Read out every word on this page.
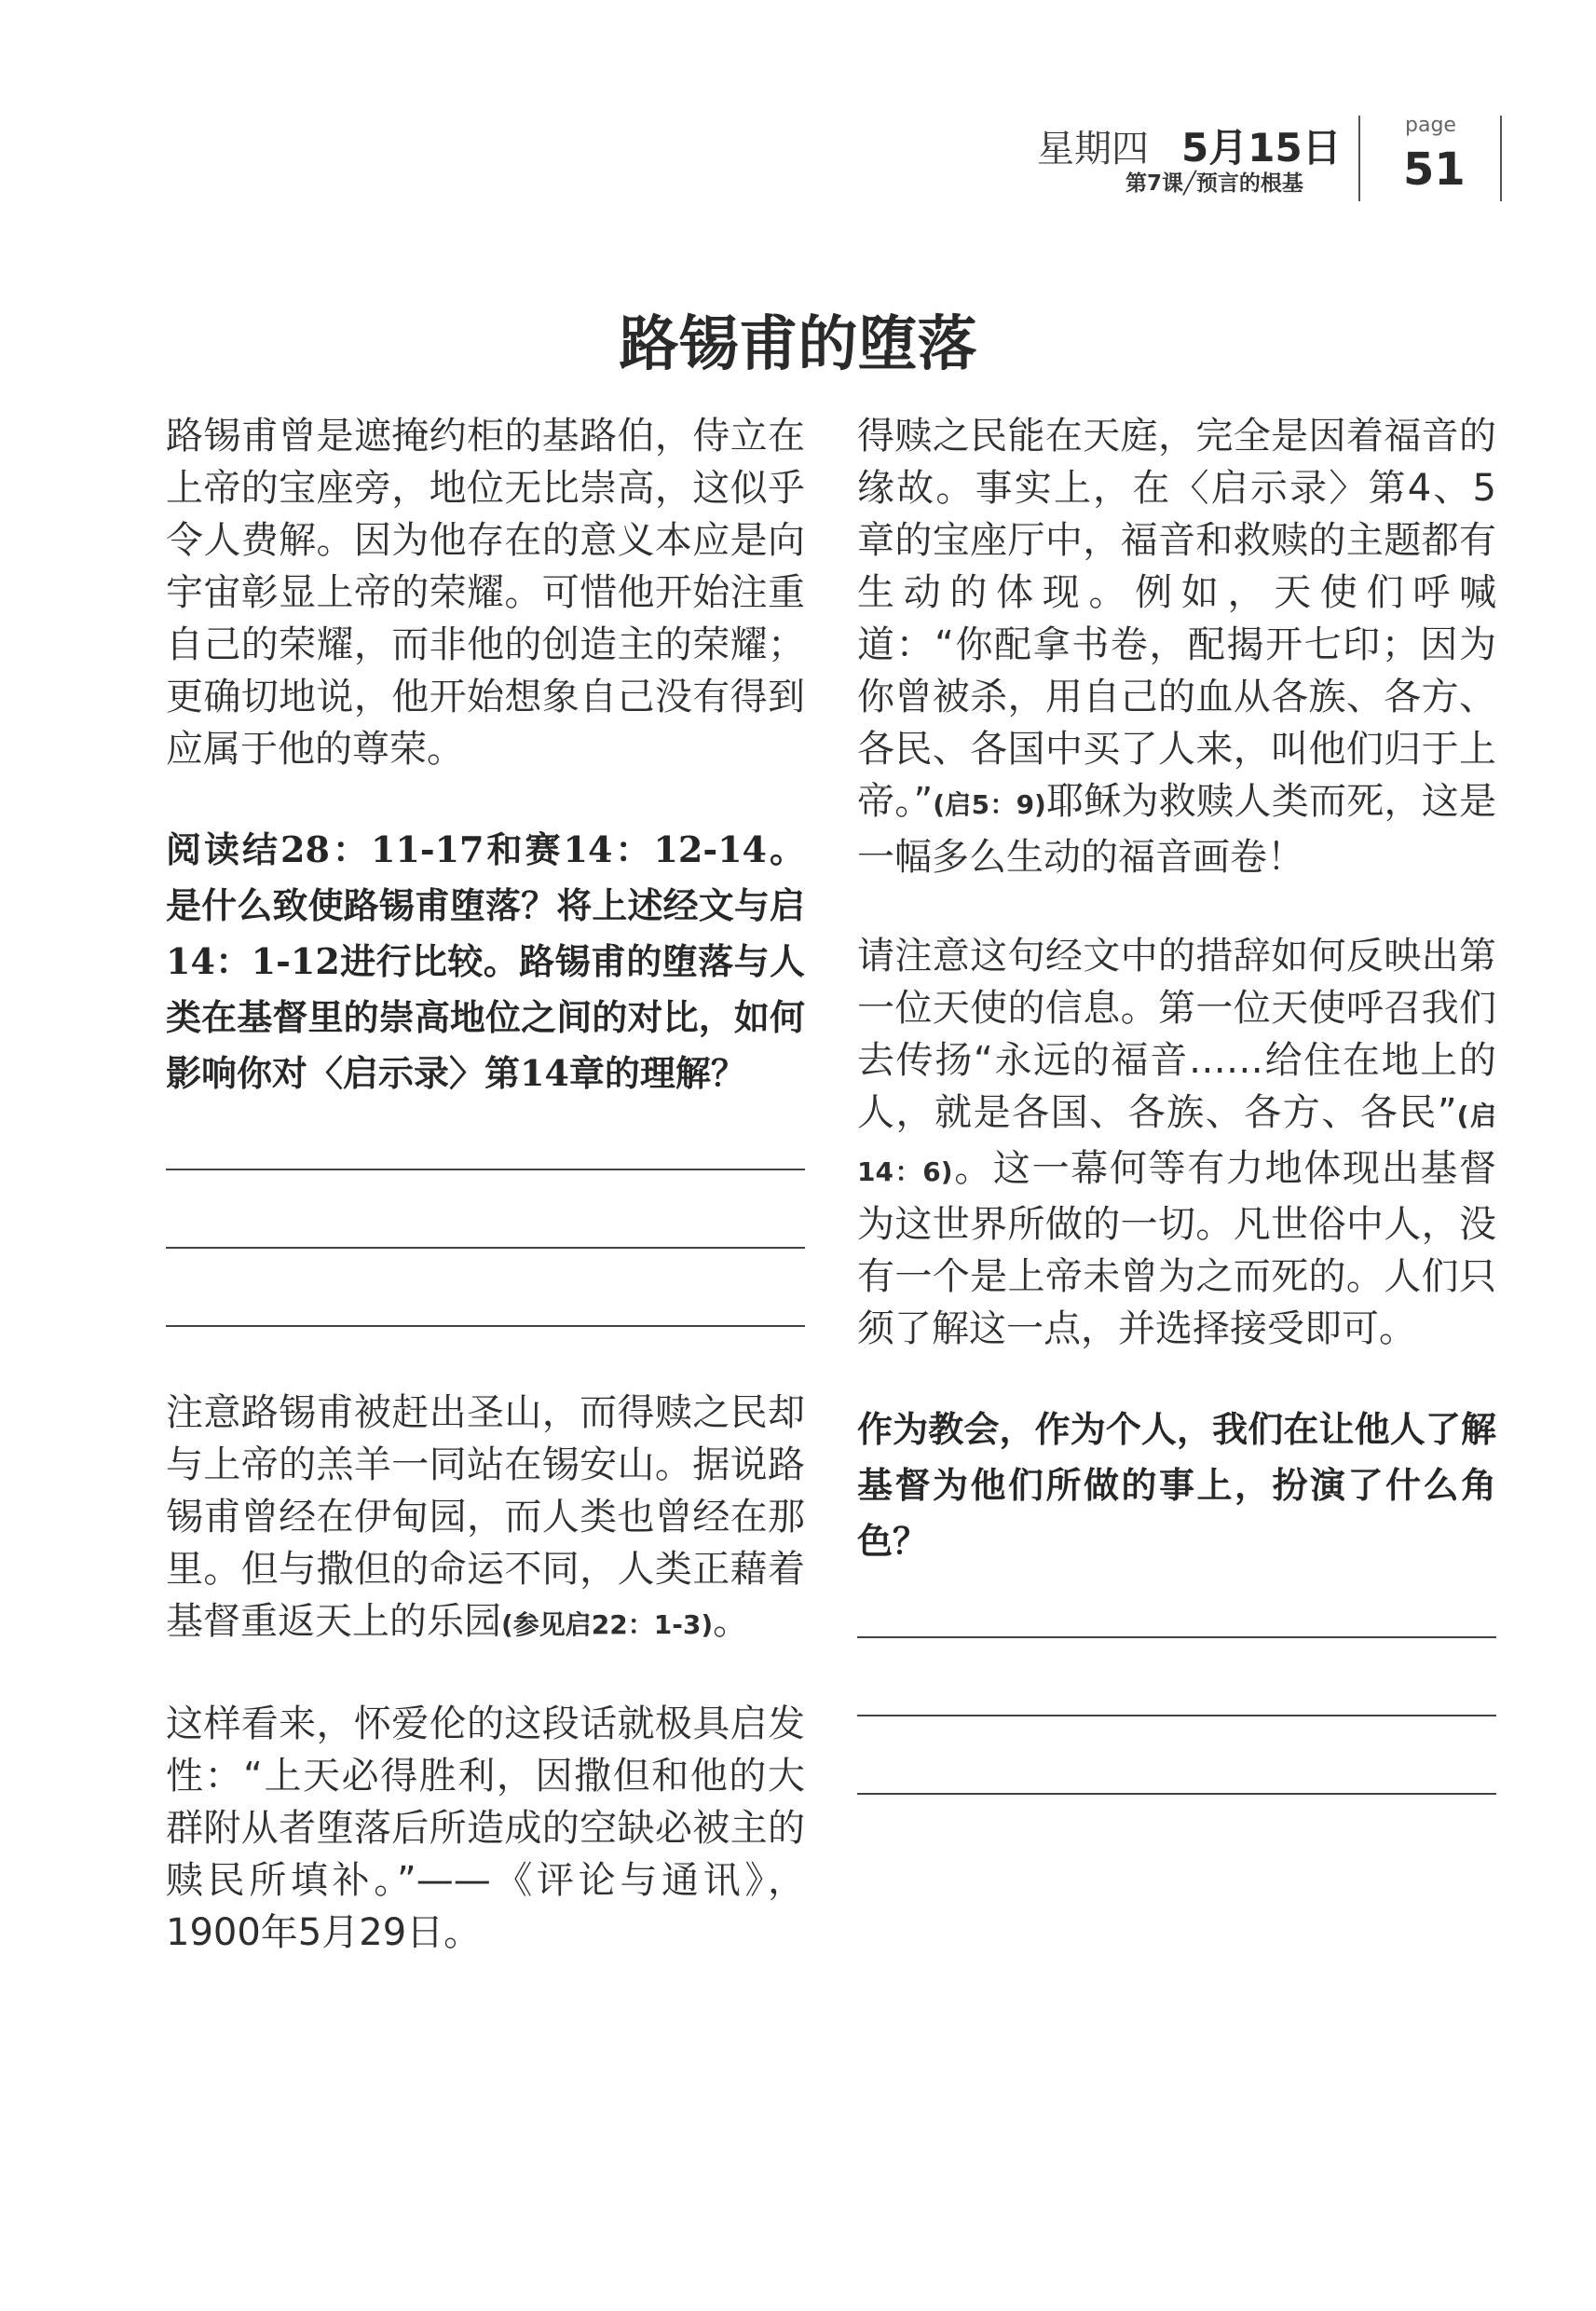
星期四 5月15日
第7课╱预言的根基
page
51
路锡甫的堕落

路锡甫曾是遮掩约柜的基路伯，侍立在上帝的宝座旁，地位无比崇高，这似乎令人费解。因为他存在的意义本应是向宇宙彰显上帝的荣耀。可惜他开始注重自己的荣耀，而非他的创造主的荣耀；更确切地说，他开始想象自己没有得到应属于他的尊荣。

阅读结28：11-17和赛14：12-14。是什么致使路锡甫堕落？将上述经文与启14：1-12进行比较。路锡甫的堕落与人类在基督里的崇高地位之间的对比，如何影响你对〈启示录〉第14章的理解？

注意路锡甫被赶出圣山，而得赎之民却与上帝的羔羊一同站在锡安山。据说路锡甫曾经在伊甸园，而人类也曾经在那里。但与撒但的命运不同，人类正藉着基督重返天上的乐园(参见启22：1-3)。

这样看来，怀爱伦的这段话就极具启发性：“上天必得胜利，因撒但和他的大群附从者堕落后所造成的空缺必被主的赎民所填补。”——《评论与通讯》，1900年5月29日。

得赎之民能在天庭，完全是因着福音的缘故。事实上，在〈启示录〉第4、5章的宝座厅中，福音和救赎的主题都有生动的体现。例如，天使们呼喊道：“你配拿书卷，配揭开七印；因为你曾被杀，用自己的血从各族、各方、各民、各国中买了人来，叫他们归于上帝。”(启5：9)耶稣为救赎人类而死，这是一幅多么生动的福音画卷！

请注意这句经文中的措辞如何反映出第一位天使的信息。第一位天使呼召我们去传扬“永远的福音……给住在地上的人，就是各国、各族、各方、各民”(启14：6)。这一幕何等有力地体现出基督为这世界所做的一切。凡世俗中人，没有一个是上帝未曾为之而死的。人们只须了解这一点，并选择接受即可。

作为教会，作为个人，我们在让他人了解基督为他们所做的事上，扮演了什么角色？
